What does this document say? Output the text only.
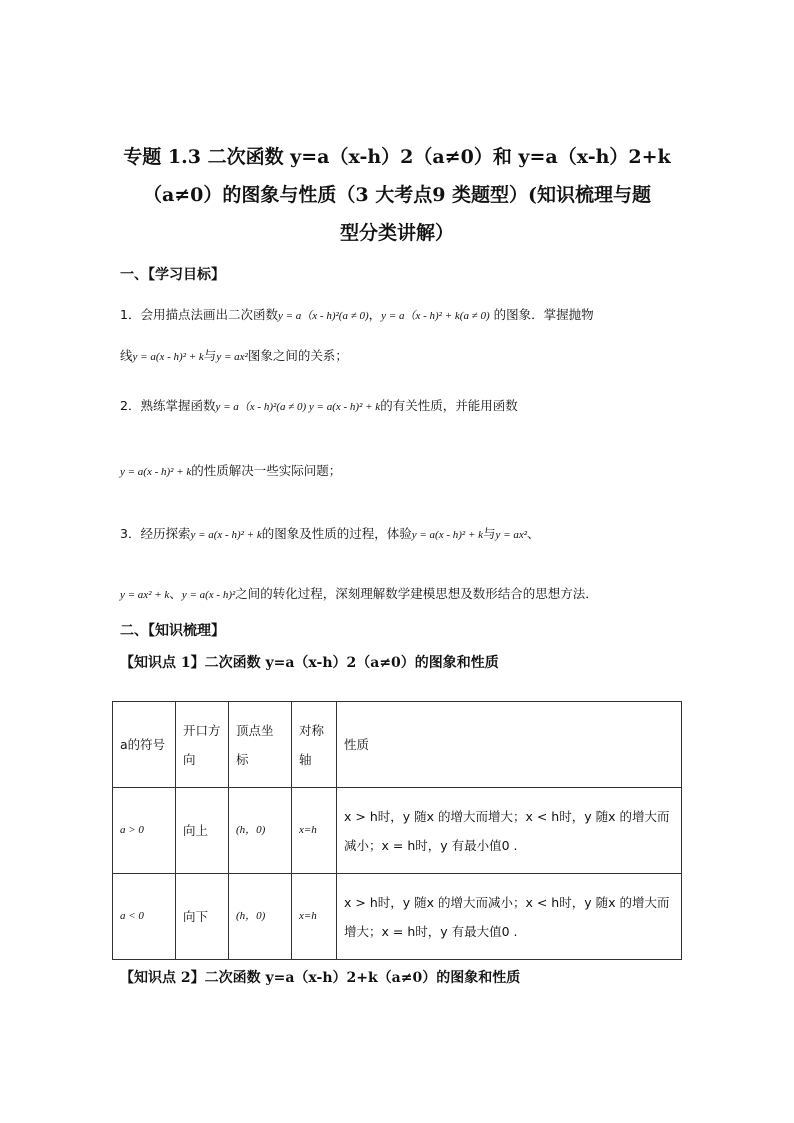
专题 1.3 二次函数 y=a（x-h）2（a≠0）和 y=a（x-h）2+k
（a≠0）的图象与性质（3 大考点9 类题型）(知识梳理与题
型分类讲解）
一、【学习目标】
1．会用描点法画出二次函数y = a（x - h)²(a ≠ 0)，y = a（x - h)² + k(a ≠ 0) 的图象．掌握抛物
线y = a(x - h)² + k与y = ax²图象之间的关系；
2．熟练掌握函数y = a（x - h)²(a ≠ 0) y = a(x - h)² + k的有关性质，并能用函数
y = a(x - h)² + k的性质解决一些实际问题；
3．经历探索y = a(x - h)² + k的图象及性质的过程，体验y = a(x - h)² + k与y = ax²、
y = ax² + k、y = a(x - h)²之间的转化过程，深刻理解数学建模思想及数形结合的思想方法．
二、【知识梳理】
【知识点 1】二次函数 y=a（x-h）2（a≠0）的图象和性质
a的符号	开口方向	顶点坐标	对称轴	性质
a > 0	向上	(h，0)	x=h	x > h时，y 随x 的增大而增大；x < h时，y 随x 的增大而减小；x = h时，y 有最小值0 .
a < 0	向下	(h，0)	x=h	x > h时，y 随x 的增大而减小；x < h时，y 随x 的增大而增大；x = h时，y 有最大值0 .
【知识点 2】二次函数 y=a（x-h）2+k（a≠0）的图象和性质
